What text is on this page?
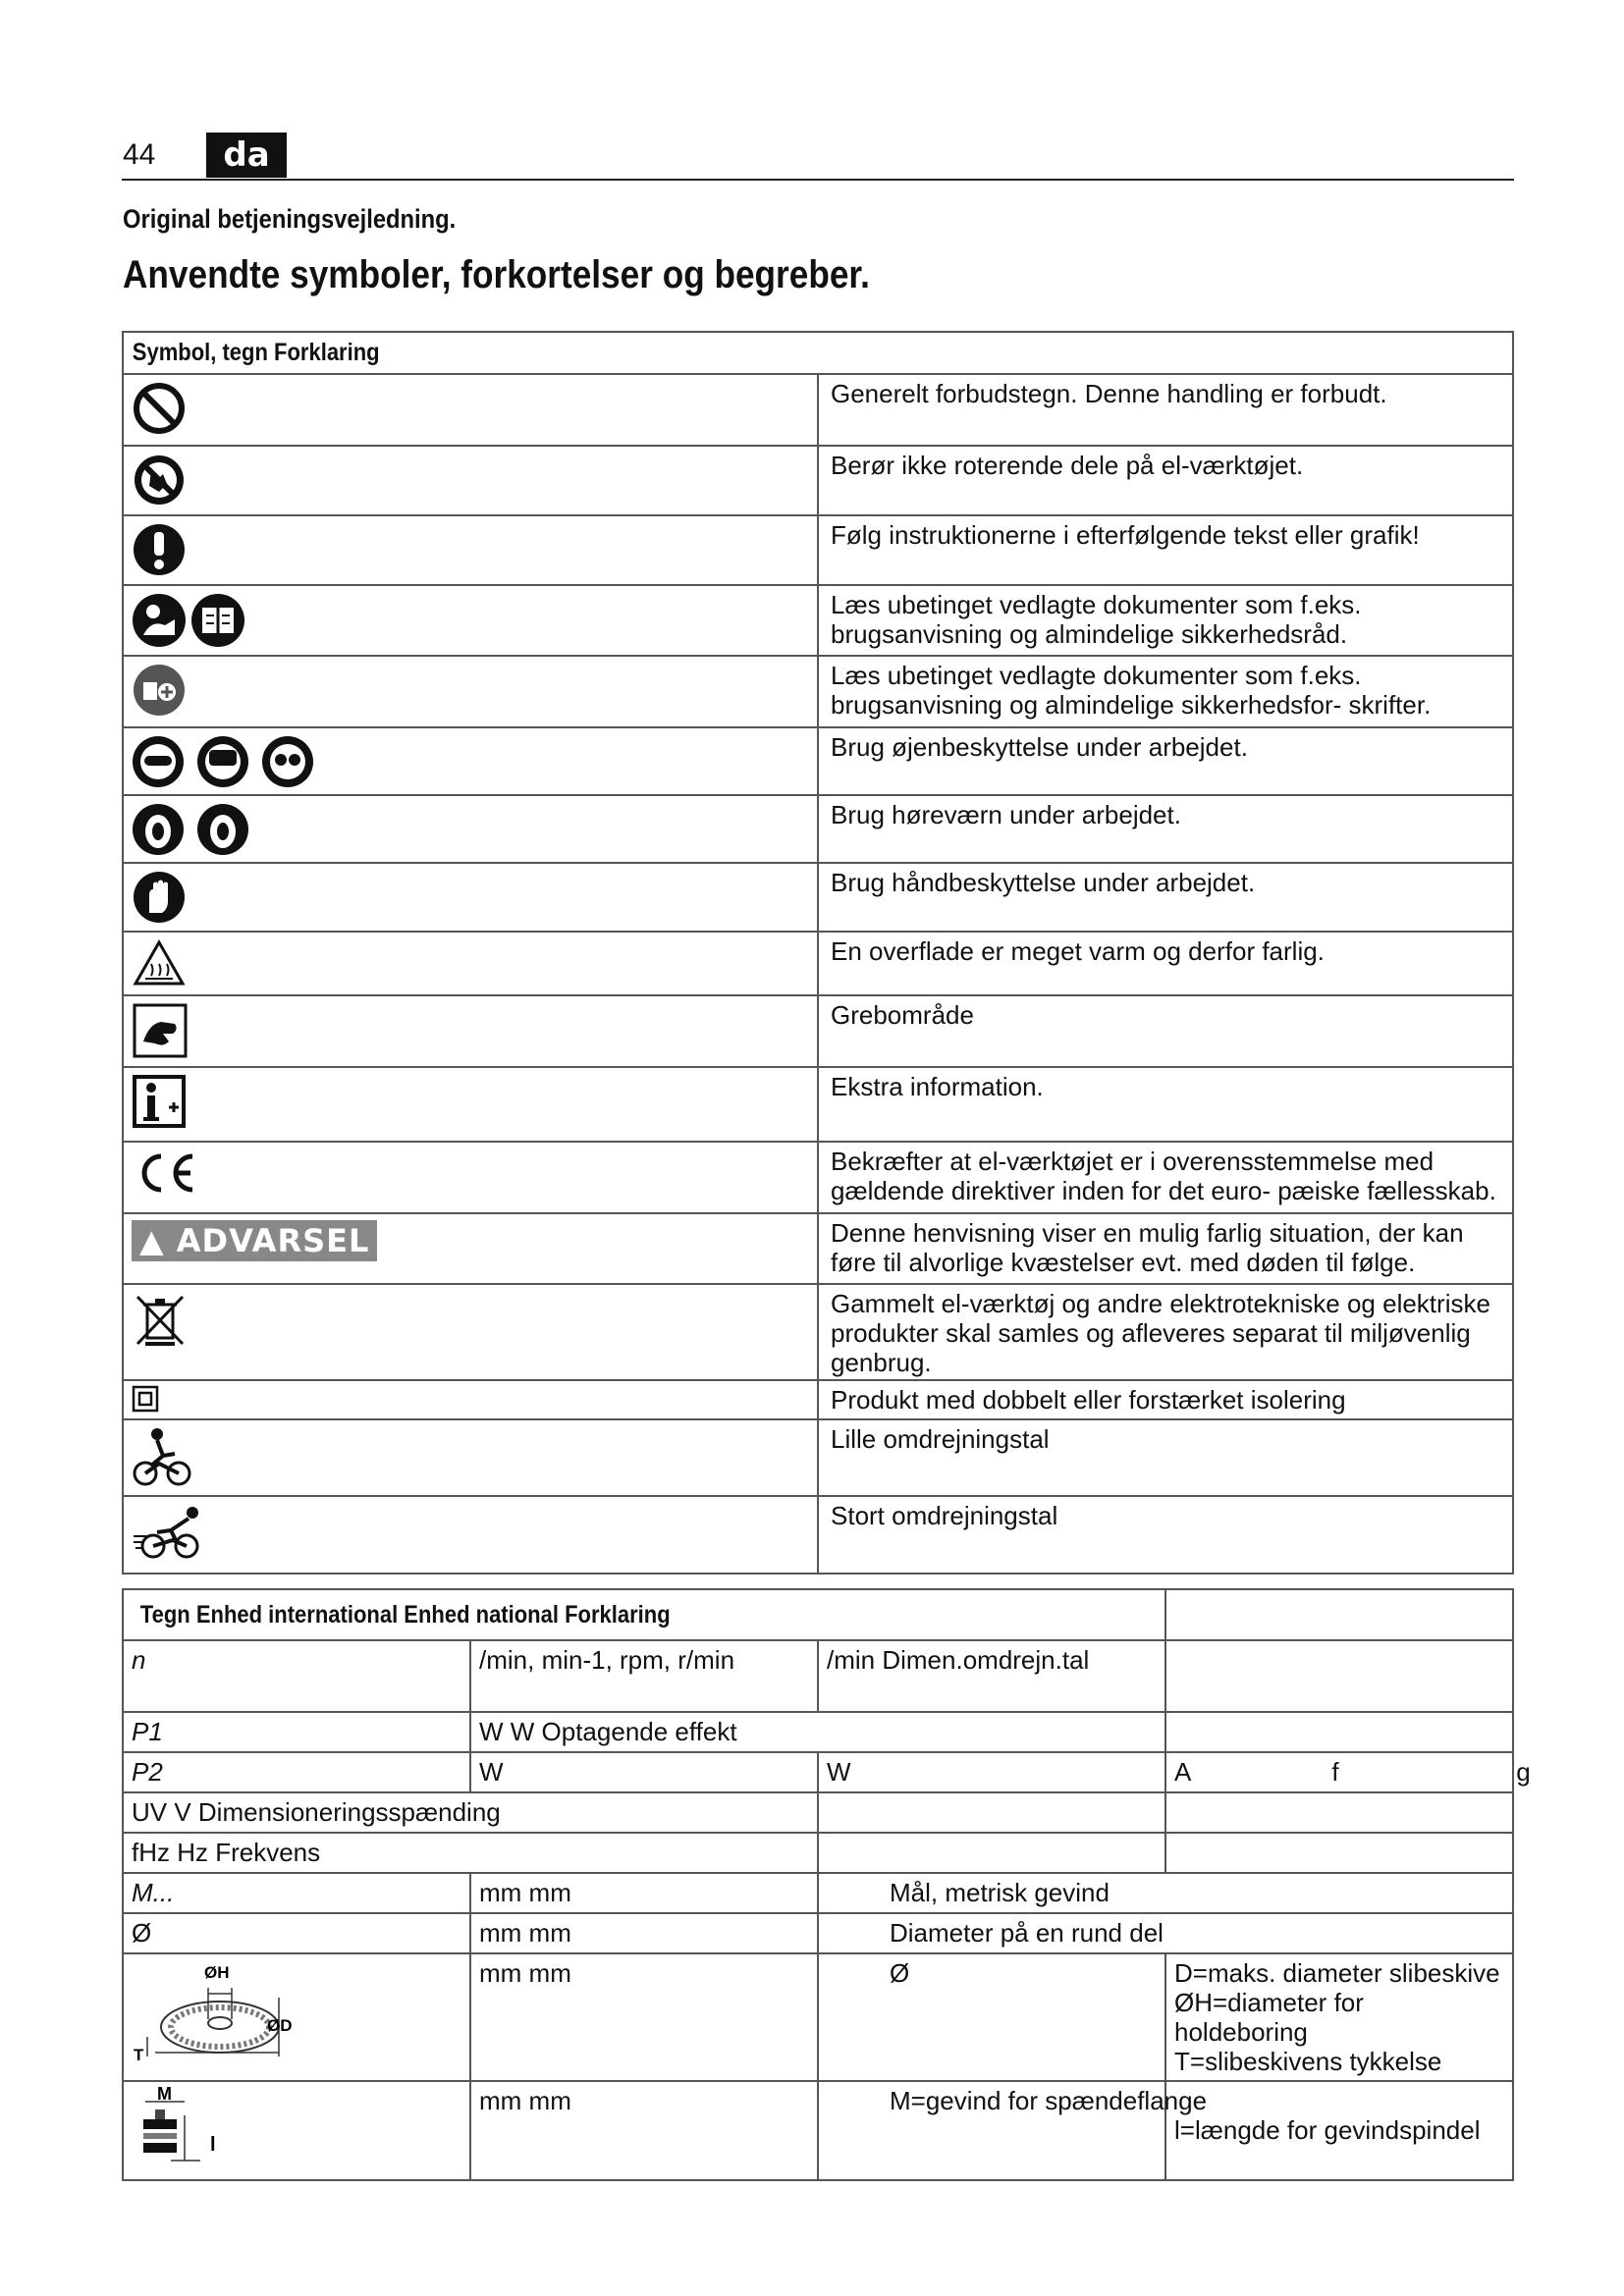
44	da
Original betjeningsvejledning.
Anvendte symboler, forkortelser og begreber.
Symbol, tegn Forklaring	

	Generelt forbudstegn. Denne handling er forbudt.

	Berør ikke roterende dele på el-værktøjet.

	Følg instruktionerne i efterfølgende tekst eller grafik!

	Læs ubetinget vedlagte dokumenter som f.eks. brugsanvisning og almindelige sikkerhedsråd.

	Læs ubetinget vedlagte dokumenter som f.eks. brugsanvisning og almindelige sikkerhedsfor- skrifter.

	Brug øjenbeskyttelse under arbejdet.

	Brug høreværn under arbejdet.

	Brug håndbeskyttelse under arbejdet.

	En overflade er meget varm og derfor farlig.

	Grebområde

	Ekstra information.

	Bekræfter at el-værktøjet er i overensstemmelse med gældende direktiver inden for det euro- pæiske fællesskab.
▲ ADVARSEL	Denne henvisning viser en mulig farlig situation, der kan føre til alvorlige kvæstelser evt. med døden til følge.

	Gammelt el-værktøj og andre elektrotekniske og elektriske produkter skal samles og afleveres separat til miljøvenlig genbrug.

	Produkt med dobbelt eller forstærket isolering

	Lille omdrejningstal

	Stort omdrejningstal
Tegn Enhed international Enhed national Forklaring			

n	/min, min-1, rpm, r/min	/min Dimen.omdrejn.tal	
P1	W W Optagende effekt		
P2	W	W	A                    f                         g
UV V Dimensioneringsspænding			
fHz Hz Frekvens			
M...	mm mm	Mål, metrisk gevind	
Ø	mm mm	Diameter på en rund del	

ØH
ØD
T	mm mm	Ø	D=maks. diameter slibeskive
ØH=diameter for holdeboring
T=slibeskivens tykkelse

M
l	mm mm	M=gevind for spændeflange	l=længde for gevindspindel
